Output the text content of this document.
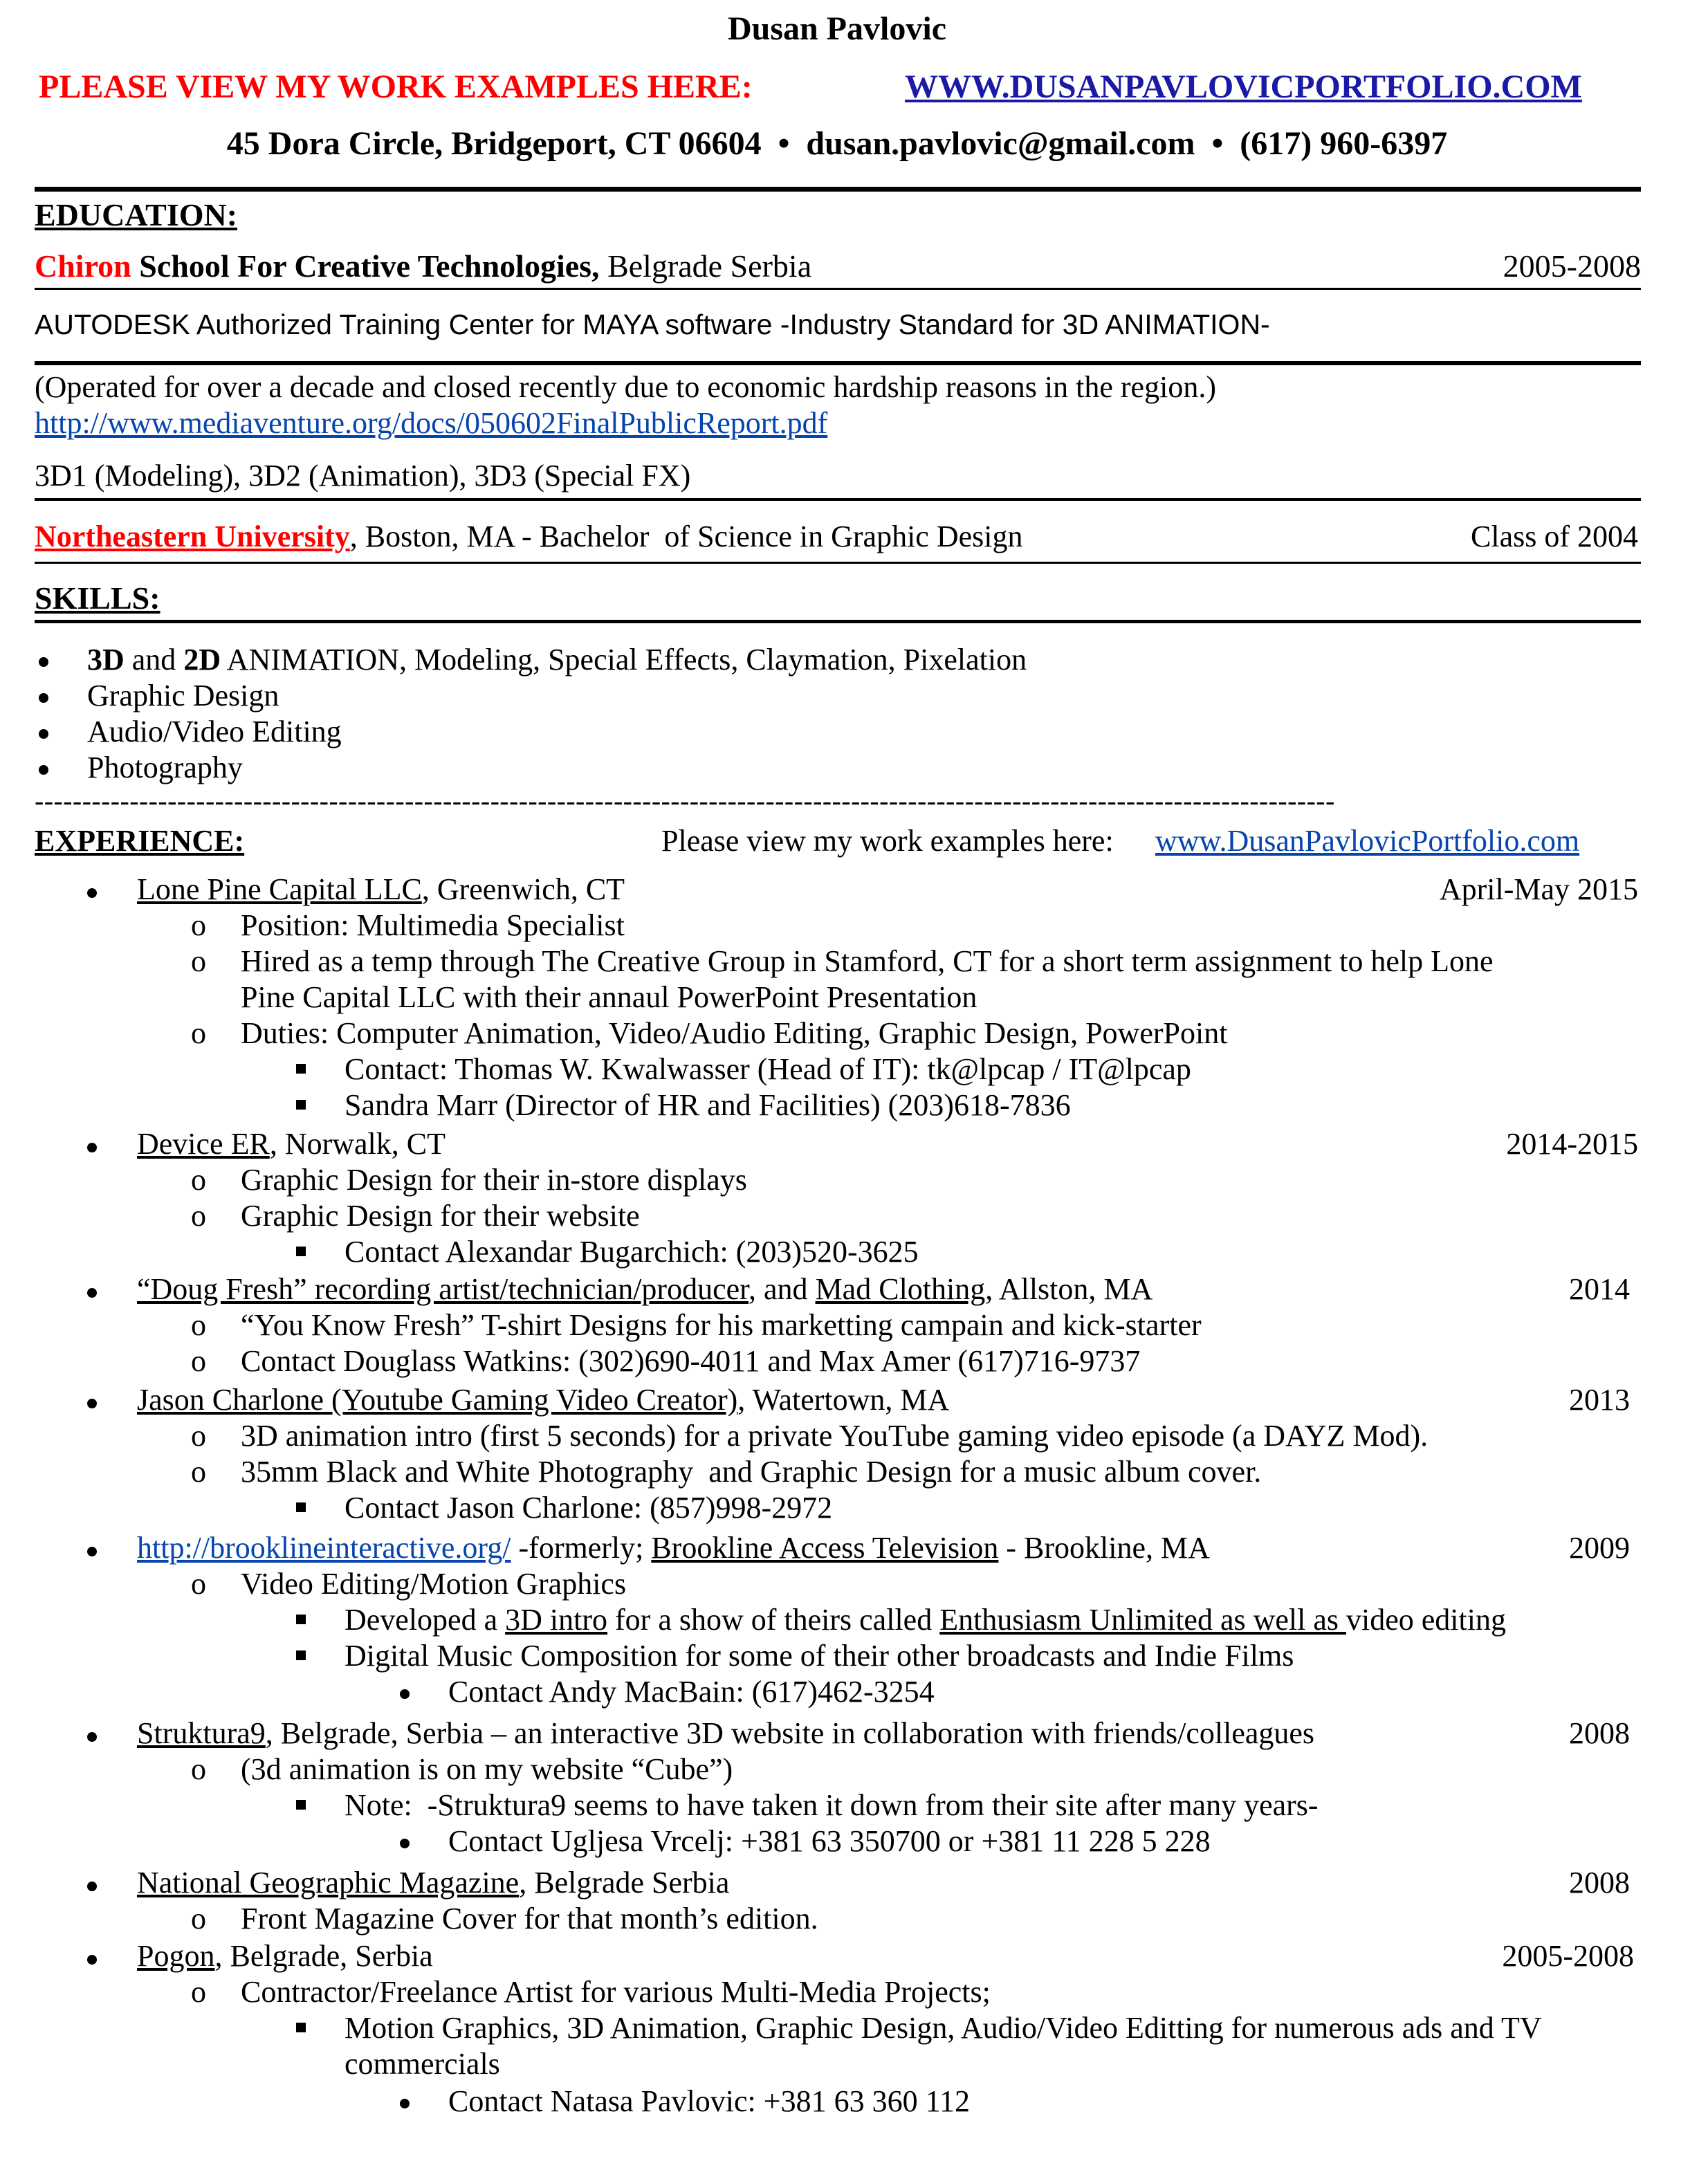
Dusan Pavlovic
PLEASE VIEW MY WORK EXAMPLES HERE:	WWW.DUSANPAVLOVICPORTFOLIO.COM
45 Dora Circle, Bridgeport, CT 06604  •  dusan.pavlovic@gmail.com  •  (617) 960-6397
EDUCATION:
Chiron School For Creative Technologies, Belgrade Serbia	2005-2008
AUTODESK Authorized Training Center for MAYA software -Industry Standard for 3D ANIMATION-
(Operated for over a decade and closed recently due to economic hardship reasons in the region.)
http://www.mediaventure.org/docs/050602FinalPublicReport.pdf
3D1 (Modeling), 3D2 (Animation), 3D3 (Special FX)
Northeastern University, Boston, MA - Bachelor  of Science in Graphic Design	Class of 2004
SKILLS:
3D and 2D ANIMATION, Modeling, Special Effects, Claymation, Pixelation
Graphic Design
Audio/Video Editing
Photography
-----------------------------------------------------------------------------------------------------------------------------------------
EXPERIENCE:	Please view my work examples here: www.DusanPavlovicPortfolio.com
Lone Pine Capital LLC, Greenwich, CT	April-May 2015
o Position: Multimedia Specialist
o Hired as a temp through The Creative Group in Stamford, CT for a short term assignment to help Lone
Pine Capital LLC with their annaul PowerPoint Presentation
o Duties: Computer Animation, Video/Audio Editing, Graphic Design, PowerPoint
Contact: Thomas W. Kwalwasser (Head of IT): tk@lpcap / IT@lpcap
Sandra Marr (Director of HR and Facilities) (203)618-7836
Device ER, Norwalk, CT	2014-2015
o Graphic Design for their in-store displays
o Graphic Design for their website
Contact Alexandar Bugarchich: (203)520-3625
“Doug Fresh” recording artist/technician/producer, and Mad Clothing, Allston, MA	2014
o “You Know Fresh” T-shirt Designs for his marketting campain and kick-starter
o Contact Douglass Watkins: (302)690-4011 and Max Amer (617)716-9737
Jason Charlone (Youtube Gaming Video Creator), Watertown, MA	2013
o 3D animation intro (first 5 seconds) for a private YouTube gaming video episode (a DAYZ Mod).
o 35mm Black and White Photography  and Graphic Design for a music album cover.
Contact Jason Charlone: (857)998-2972
http://brooklineinteractive.org/ -formerly; Brookline Access Television - Brookline, MA	2009
o Video Editing/Motion Graphics
Developed a 3D intro for a show of theirs called Enthusiasm Unlimited as well as video editing
Digital Music Composition for some of their other broadcasts and Indie Films
Contact Andy MacBain: (617)462-3254
Struktura9, Belgrade, Serbia – an interactive 3D website in collaboration with friends/colleagues	2008
o (3d animation is on my website “Cube”)
Note:  -Struktura9 seems to have taken it down from their site after many years-
Contact Ugljesa Vrcelj: +381 63 350700 or +381 11 228 5 228
National Geographic Magazine, Belgrade Serbia	2008
o Front Magazine Cover for that month’s edition.
Pogon, Belgrade, Serbia	2005-2008
o Contractor/Freelance Artist for various Multi-Media Projects;
Motion Graphics, 3D Animation, Graphic Design, Audio/Video Editting for numerous ads and TV
commercials
Contact Natasa Pavlovic: +381 63 360 112
